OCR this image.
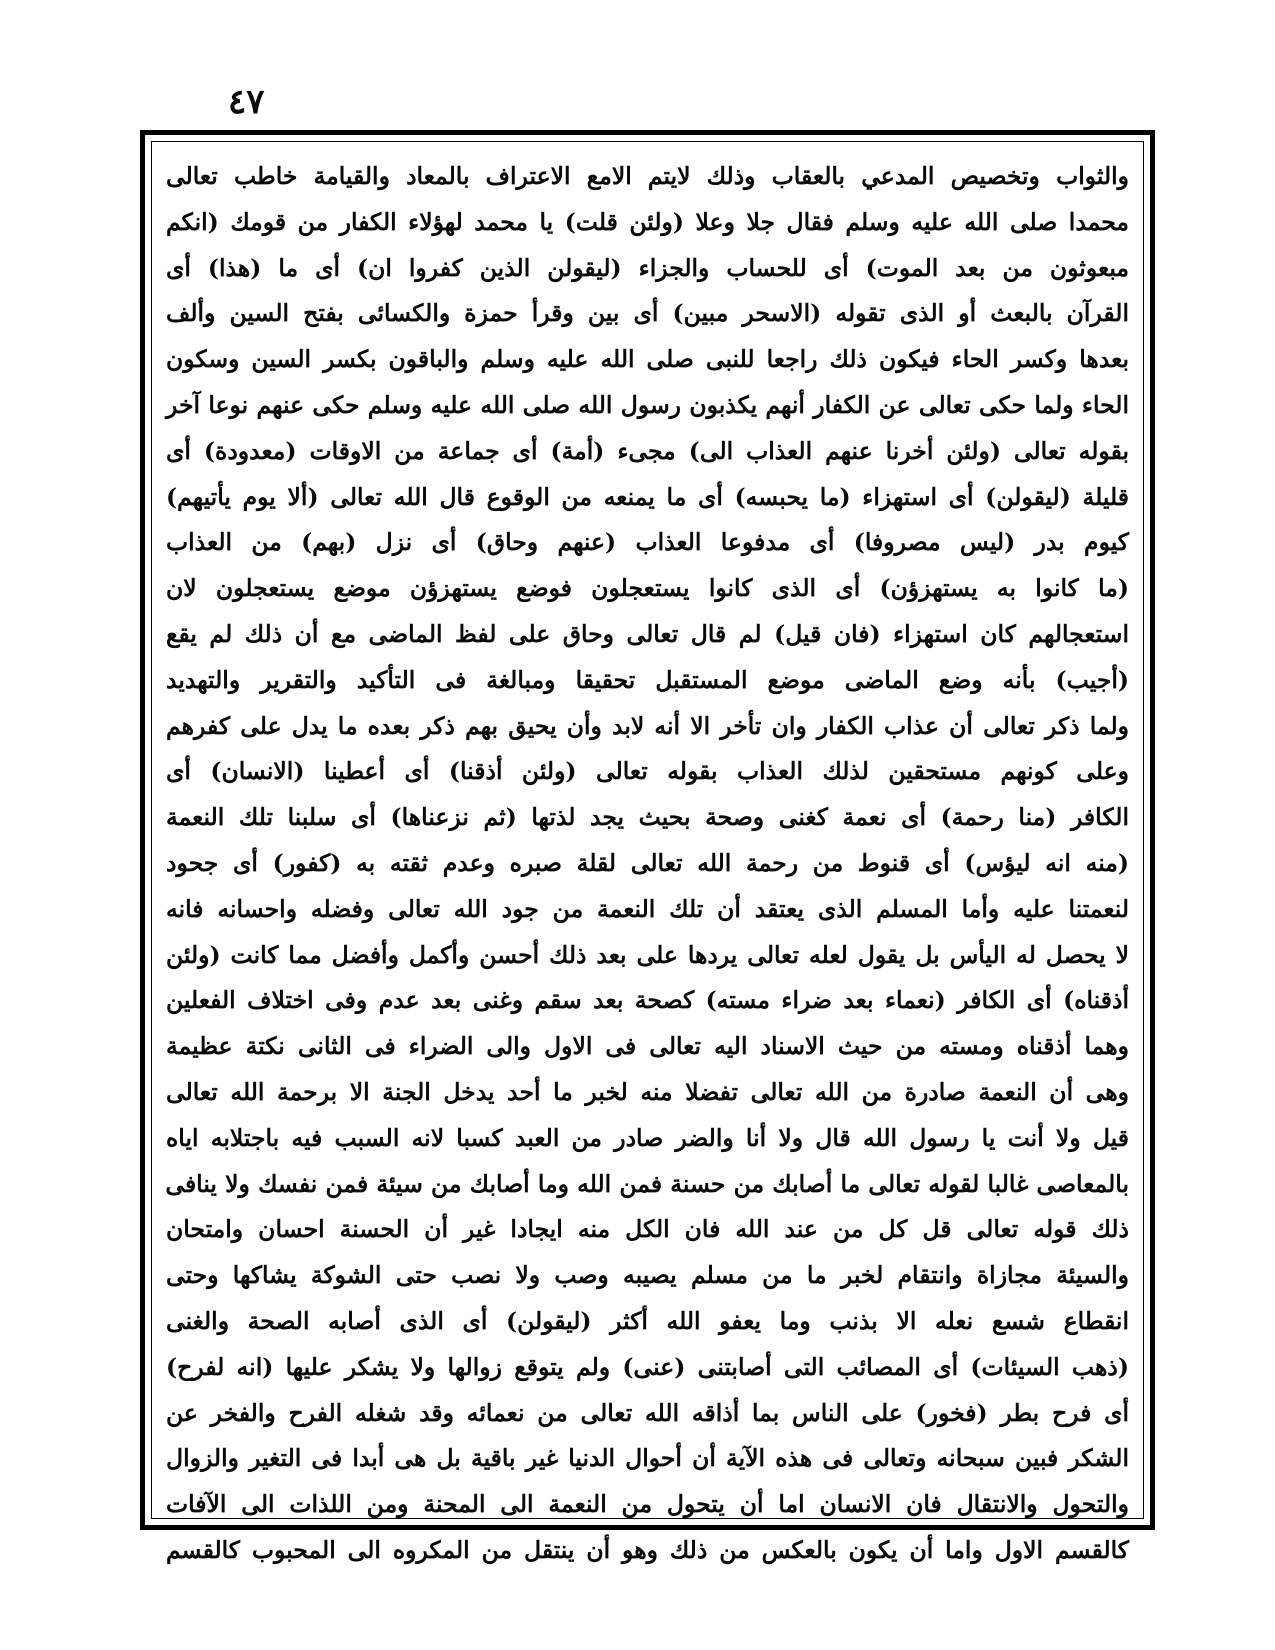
٤٧
والثواب وتخصيص المدعي بالعقاب وذلك لايتم الامع الاعتراف بالمعاد والقيامة خاطب تعالى
محمدا صلى الله عليه وسلم فقال جلا وعلا (ولئن قلت) يا محمد لهؤلاء الكفار من قومك (انكم
مبعوثون من بعد الموت) أى للحساب والجزاء (ليقولن الذين كفروا ان) أى ما (هذا) أى
القرآن بالبعث أو الذى تقوله (الاسحر مبين) أى بين وقرأ حمزة والكسائى بفتح السين وألف
بعدها وكسر الحاء فيكون ذلك راجعا للنبى صلى الله عليه وسلم والباقون بكسر السين وسكون
الحاء ولما حكى تعالى عن الكفار أنهم يكذبون رسول الله صلى الله عليه وسلم حكى عنهم نوعا آخر
بقوله تعالى (ولئن أخرنا عنهم العذاب الى) مجىء (أمة) أى جماعة من الاوقات (معدودة) أى
قليلة (ليقولن) أى استهزاء (ما يحبسه) أى ما يمنعه من الوقوع قال الله تعالى (ألا يوم يأتيهم)
كيوم بدر (ليس مصروفا) أى مدفوعا العذاب (عنهم وحاق) أى نزل (بهم) من العذاب
(ما كانوا به يستهزؤن) أى الذى كانوا يستعجلون فوضع يستهزؤن موضع يستعجلون لان
استعجالهم كان استهزاء (فان قيل) لم قال تعالى وحاق على لفظ الماضى مع أن ذلك لم يقع
(أجيب) بأنه وضع الماضى موضع المستقبل تحقيقا ومبالغة فى التأكيد والتقرير والتهديد
ولما ذكر تعالى أن عذاب الكفار وان تأخر الا أنه لابد وأن يحيق بهم ذكر بعده ما يدل على كفرهم
وعلى كونهم مستحقين لذلك العذاب بقوله تعالى (ولئن أذقنا) أى أعطينا (الانسان) أى
الكافر (منا رحمة) أى نعمة كغنى وصحة بحيث يجد لذتها (ثم نزعناها) أى سلبنا تلك النعمة
(منه انه ليؤس) أى قنوط من رحمة الله تعالى لقلة صبره وعدم ثقته به (كفور) أى جحود
لنعمتنا عليه وأما المسلم الذى يعتقد أن تلك النعمة من جود الله تعالى وفضله واحسانه فانه
لا يحصل له اليأس بل يقول لعله تعالى يردها على بعد ذلك أحسن وأكمل وأفضل مما كانت (ولئن
أذقناه) أى الكافر (نعماء بعد ضراء مسته) كصحة بعد سقم وغنى بعد عدم وفى اختلاف الفعلين
وهما أذقناه ومسته من حيث الاسناد اليه تعالى فى الاول والى الضراء فى الثانى نكتة عظيمة
وهى أن النعمة صادرة من الله تعالى تفضلا منه لخبر ما أحد يدخل الجنة الا برحمة الله تعالى
قيل ولا أنت يا رسول الله قال ولا أنا والضر صادر من العبد كسبا لانه السبب فيه باجتلابه اياه
بالمعاصى غالبا لقوله تعالى ما أصابك من حسنة فمن الله وما أصابك من سيئة فمن نفسك ولا ينافى
ذلك قوله تعالى قل كل من عند الله فان الكل منه ايجادا غير أن الحسنة احسان وامتحان
والسيئة مجازاة وانتقام لخبر ما من مسلم يصيبه وصب ولا نصب حتى الشوكة يشاكها وحتى
انقطاع شسع نعله الا بذنب وما يعفو الله أكثر (ليقولن) أى الذى أصابه الصحة والغنى
(ذهب السيئات) أى المصائب التى أصابتنى (عنى) ولم يتوقع زوالها ولا يشكر عليها (انه لفرح)
أى فرح بطر (فخور) على الناس بما أذاقه الله تعالى من نعمائه وقد شغله الفرح والفخر عن
الشكر فبين سبحانه وتعالى فى هذه الآية أن أحوال الدنيا غير باقية بل هى أبدا فى التغير والزوال
والتحول والانتقال فان الانسان اما أن يتحول من النعمة الى المحنة ومن اللذات الى الآفات
كالقسم الاول واما أن يكون بالعكس من ذلك وهو أن ينتقل من المكروه الى المحبوب كالقسم
